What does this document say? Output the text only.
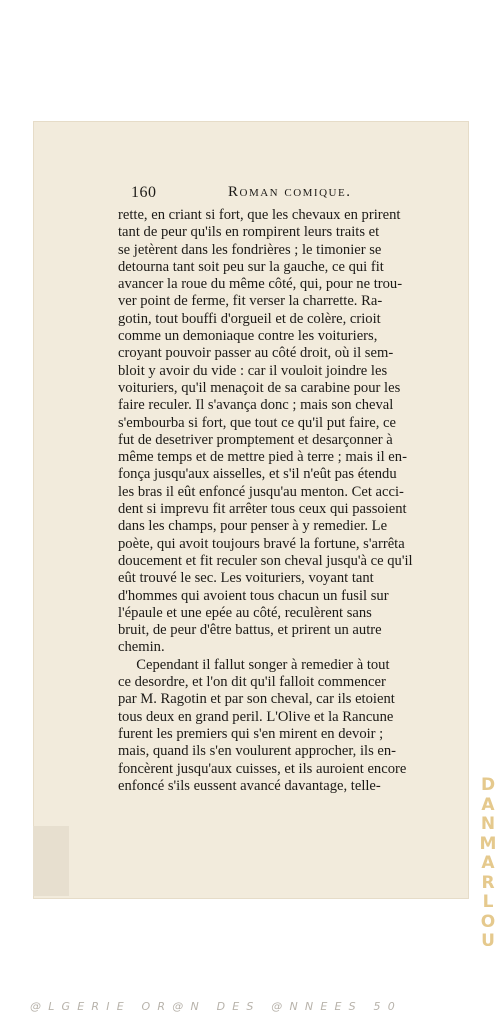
160	Roman comique.
rette, en criant si fort, que les chevaux en prirent
tant de peur qu'ils en rompirent leurs traits et
se jetèrent dans les fondrières ; le timonier se
detourna tant soit peu sur la gauche, ce qui fit
avancer la roue du même côté, qui, pour ne trou-
ver point de ferme, fit verser la charrette. Ra-
gotin, tout bouffi d'orgueil et de colère, crioit
comme un demoniaque contre les voituriers,
croyant pouvoir passer au côté droit, où il sem-
bloit y avoir du vide : car il vouloit joindre les
voituriers, qu'il menaçoit de sa carabine pour les
faire reculer. Il s'avança donc ; mais son cheval
s'embourba si fort, que tout ce qu'il put faire, ce
fut de desetriver promptement et desarçonner à
même temps et de mettre pied à terre ; mais il en-
fonça jusqu'aux aisselles, et s'il n'eût pas étendu
les bras il eût enfoncé jusqu'au menton. Cet acci-
dent si imprevu fit arrêter tous ceux qui passoient
dans les champs, pour penser à y remedier. Le
poète, qui avoit toujours bravé la fortune, s'arrêta
doucement et fit reculer son cheval jusqu'à ce qu'il
eût trouvé le sec. Les voituriers, voyant tant
d'hommes qui avoient tous chacun un fusil sur
l'épaule et une epée au côté, reculèrent sans
bruit, de peur d'être battus, et prirent un autre
chemin.
Cependant il fallut songer à remedier à tout
ce desordre, et l'on dit qu'il falloit commencer
par M. Ragotin et par son cheval, car ils etoient
tous deux en grand peril. L'Olive et la Rancune
furent les premiers qui s'en mirent en devoir ;
mais, quand ils s'en voulurent approcher, ils en-
foncèrent jusqu'aux cuisses, et ils auroient encore
enfoncé s'ils eussent avancé davantage, telle-	DANMARLOU
@LGERIE OR@N DES @NNEES 50
